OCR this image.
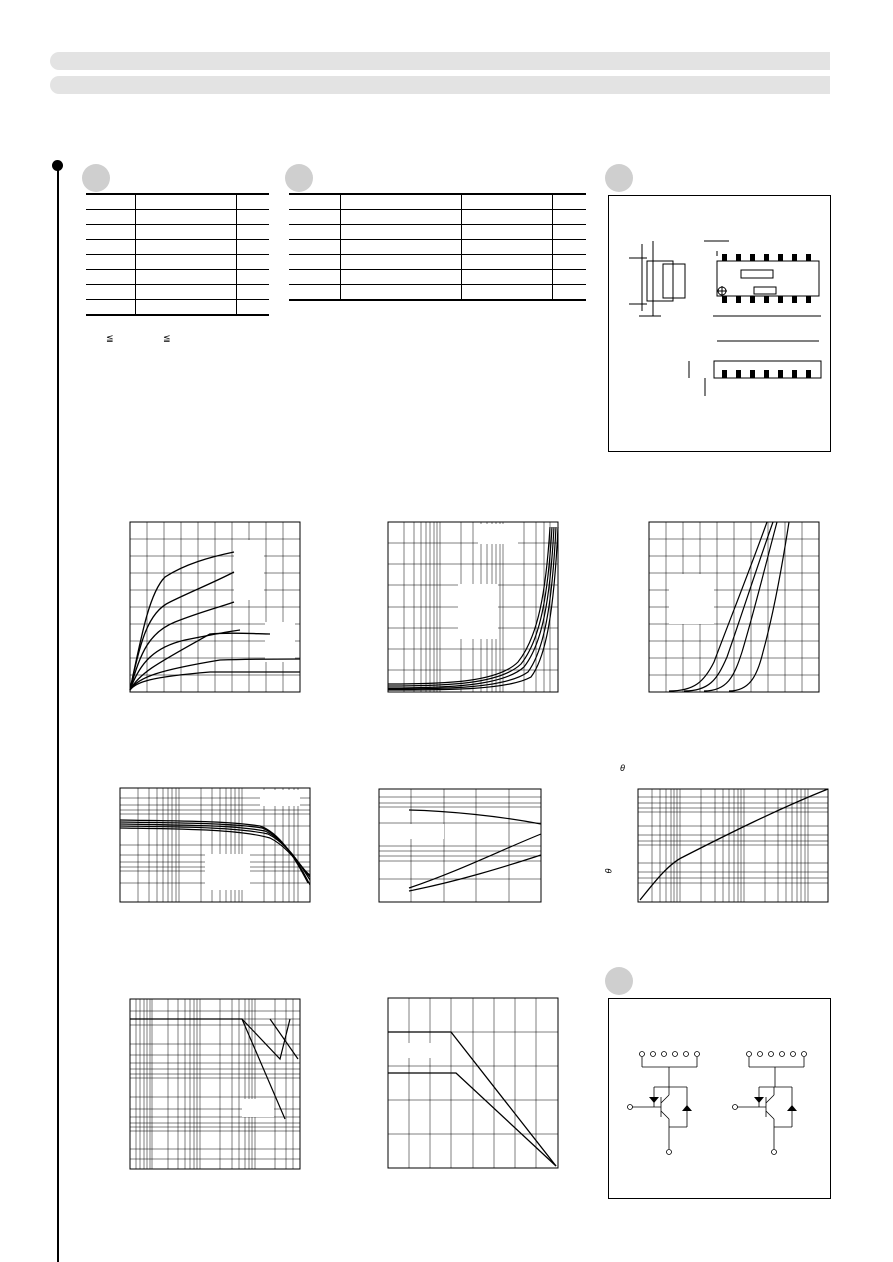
≦	≦

θ
θ
